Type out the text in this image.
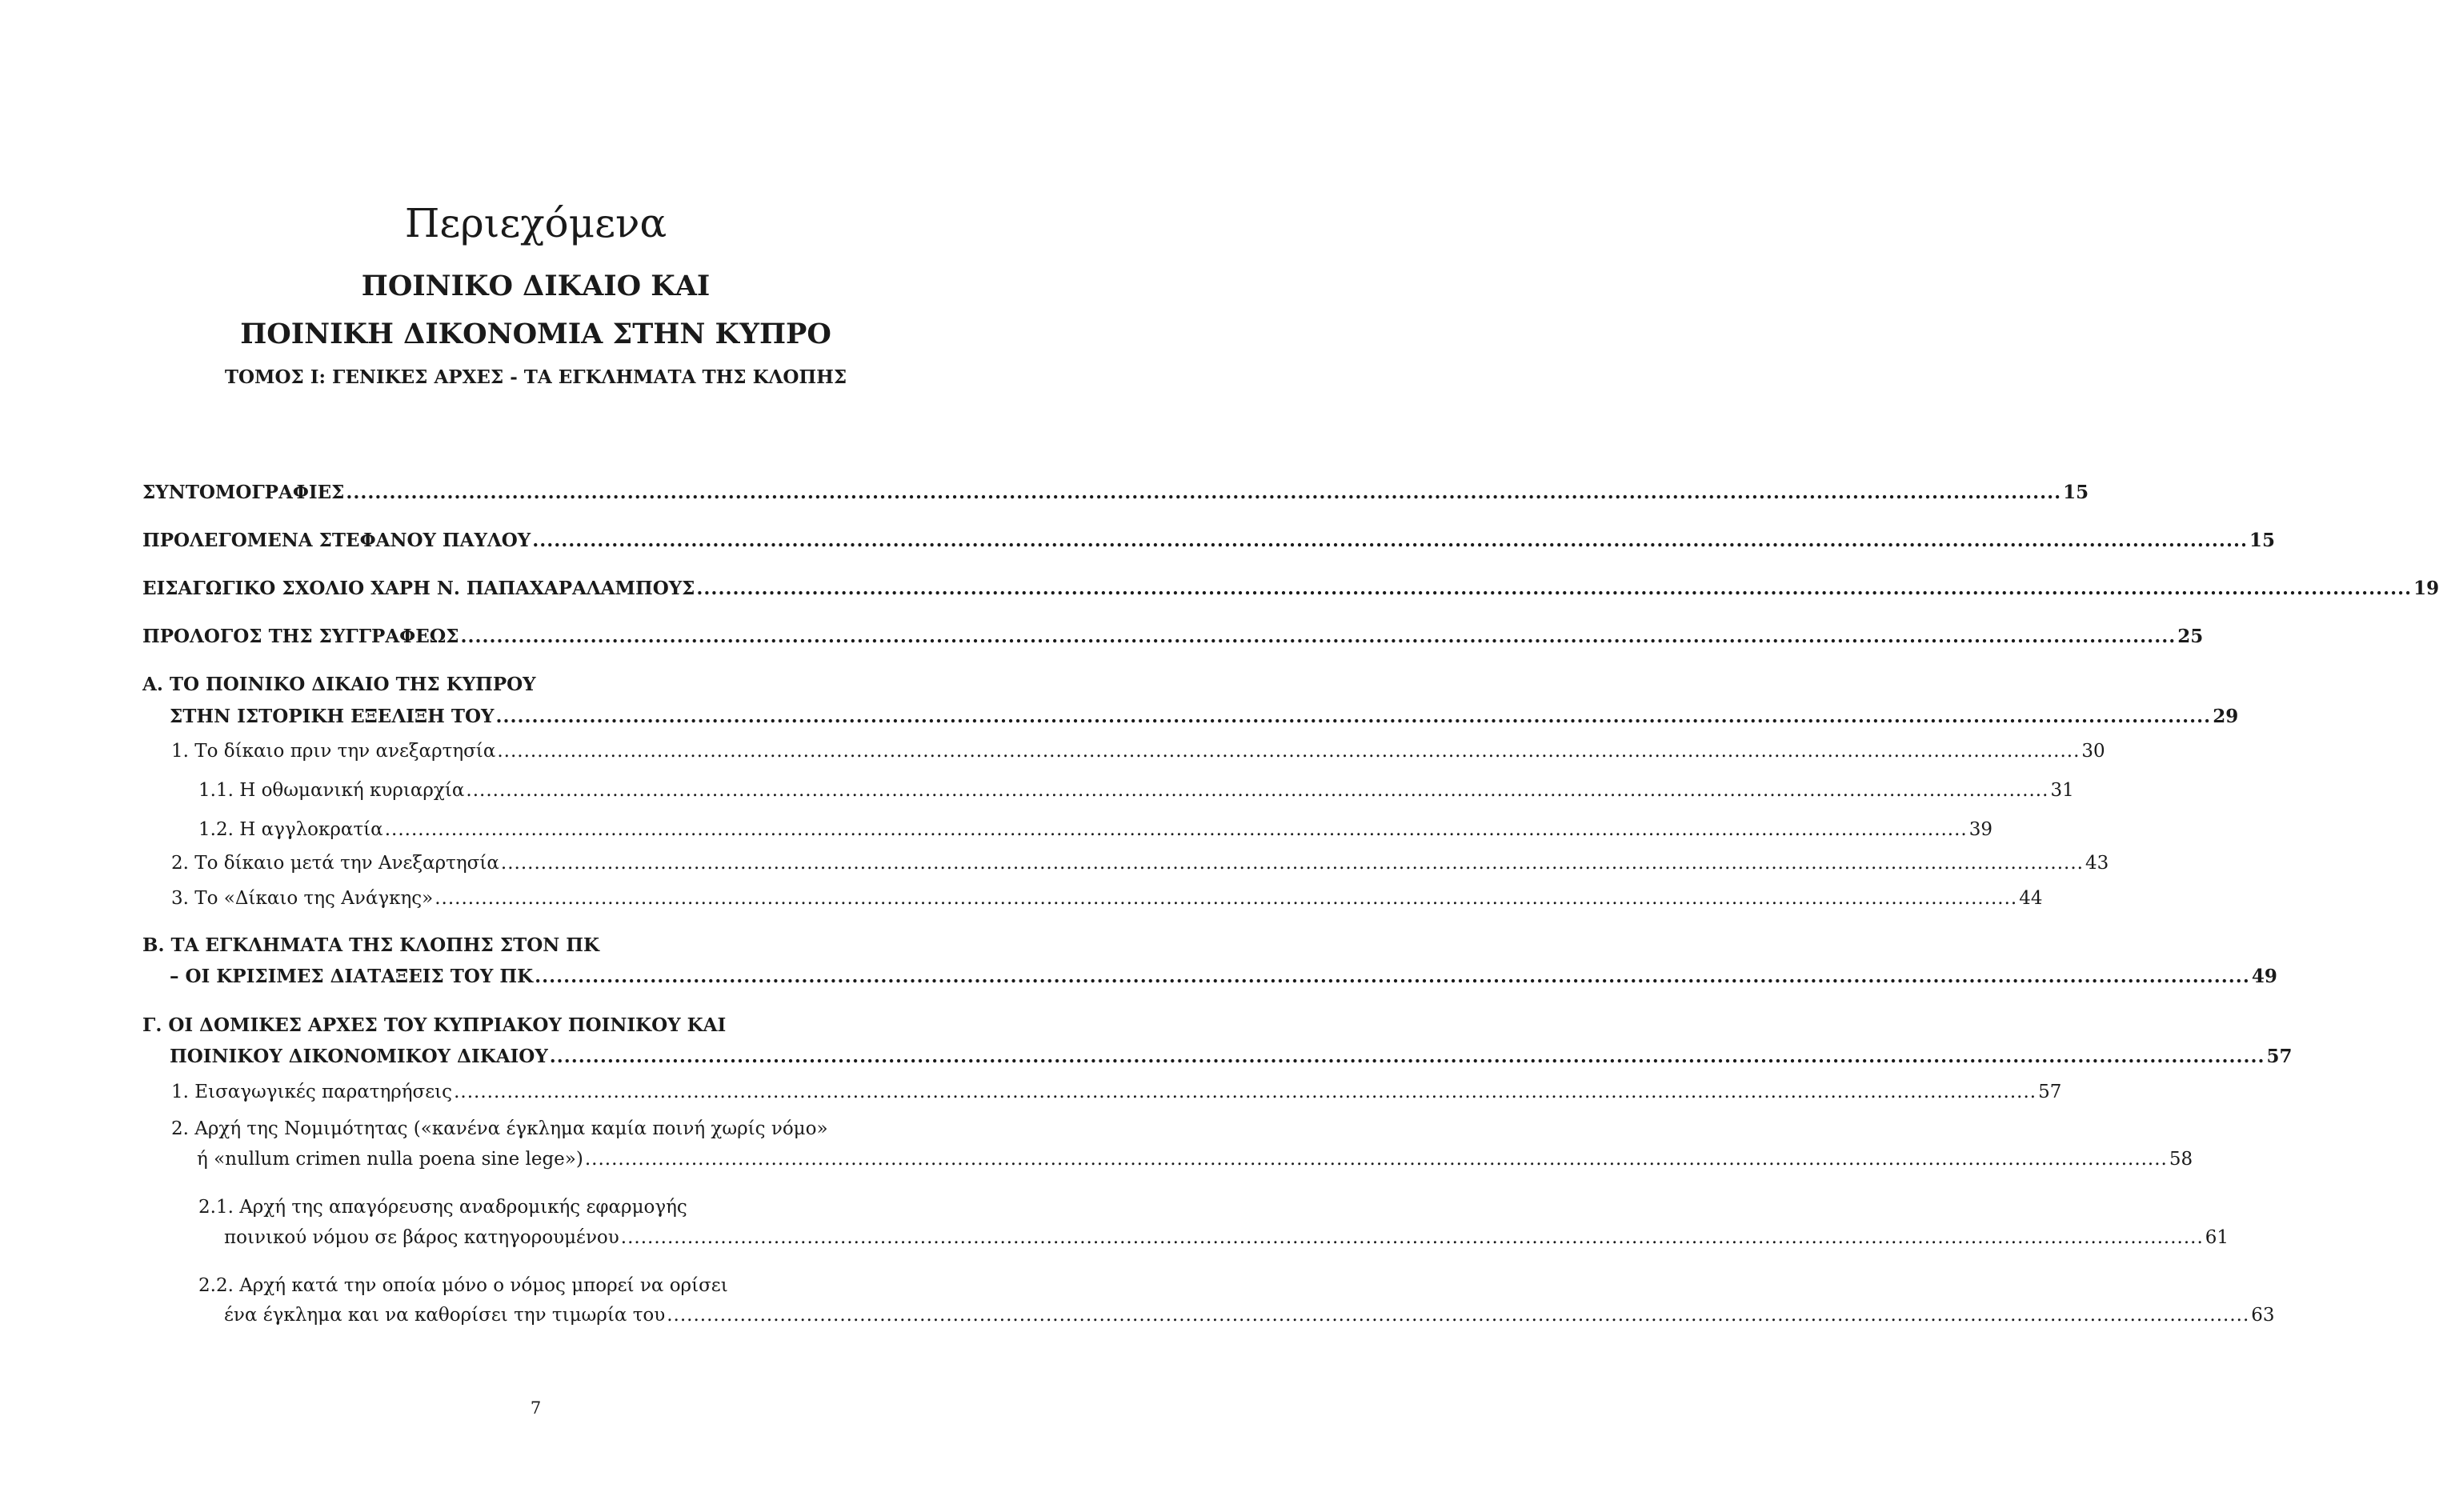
Περιεχόμενα
ΠΟΙΝΙΚΟ ΔΙΚΑΙΟ ΚΑΙ
ΠΟΙΝΙΚΗ ΔΙΚΟΝΟΜΙΑ ΣΤΗΝ ΚΥΠΡΟ
ΤΟΜΟΣ Ι: ΓΕΝΙΚΕΣ ΑΡΧΕΣ - ΤΑ ΕΓΚΛΗΜΑΤΑ ΤΗΣ ΚΛΟΠΗΣ
ΣΥΝΤΟΜΟΓΡΑΦΙΕΣ .....	15
ΠΡΟΛΕΓΟΜΕΝΑ ΣΤΕΦΑΝΟΥ ΠΑΥΛΟΥ .....	15
ΕΙΣΑΓΩΓΙΚΟ ΣΧΟΛΙΟ ΧΑΡΗ Ν. ΠΑΠΑΧΑΡΑΛΑΜΠΟΥΣ .....	19
ΠΡΟΛΟΓΟΣ ΤΗΣ ΣΥΓΓΡΑΦΕΩΣ .....	25
Α. ΤΟ ΠΟΙΝΙΚΟ ΔΙΚΑΙΟ ΤΗΣ ΚΥΠΡΟΥ
ΣΤΗΝ ΙΣΤΟΡΙΚΗ ΕΞΕΛΙΞΗ ΤΟΥ .....	29
1. Το δίκαιο πριν την ανεξαρτησία .....	30
1.1. Η οθωμανική κυριαρχία .....	31
1.2. Η αγγλοκρατία .....	39
2. Το δίκαιο μετά την Ανεξαρτησία .....	43
3. Το «Δίκαιο της Ανάγκης» .....	44
Β. ΤΑ ΕΓΚΛΗΜΑΤΑ ΤΗΣ ΚΛΟΠΗΣ ΣΤΟΝ ΠΚ
– ΟΙ ΚΡΙΣΙΜΕΣ ΔΙΑΤΑΞΕΙΣ ΤΟΥ ΠΚ .....	49
Γ. ΟΙ ΔΟΜΙΚΕΣ ΑΡΧΕΣ ΤΟΥ ΚΥΠΡΙΑΚΟΥ ΠΟΙΝΙΚΟΥ ΚΑΙ
ΠΟΙΝΙΚΟΥ ΔΙΚΟΝΟΜΙΚΟΥ ΔΙΚΑΙΟΥ .....	57
1. Εισαγωγικές παρατηρήσεις .....	57
2. Αρχή της Νομιμότητας («κανένα έγκλημα καμία ποινή χωρίς νόμο»
ή «nullum crimen nulla poena sine lege») .....	58
2.1. Αρχή της απαγόρευσης αναδρομικής εφαρμογής
ποινικού νόμου σε βάρος κατηγορουμένου .....	61
2.2. Αρχή κατά την οποία μόνο ο νόμος μπορεί να ορίσει
ένα έγκλημα και να καθορίσει την τιμωρία του .....	63
7
